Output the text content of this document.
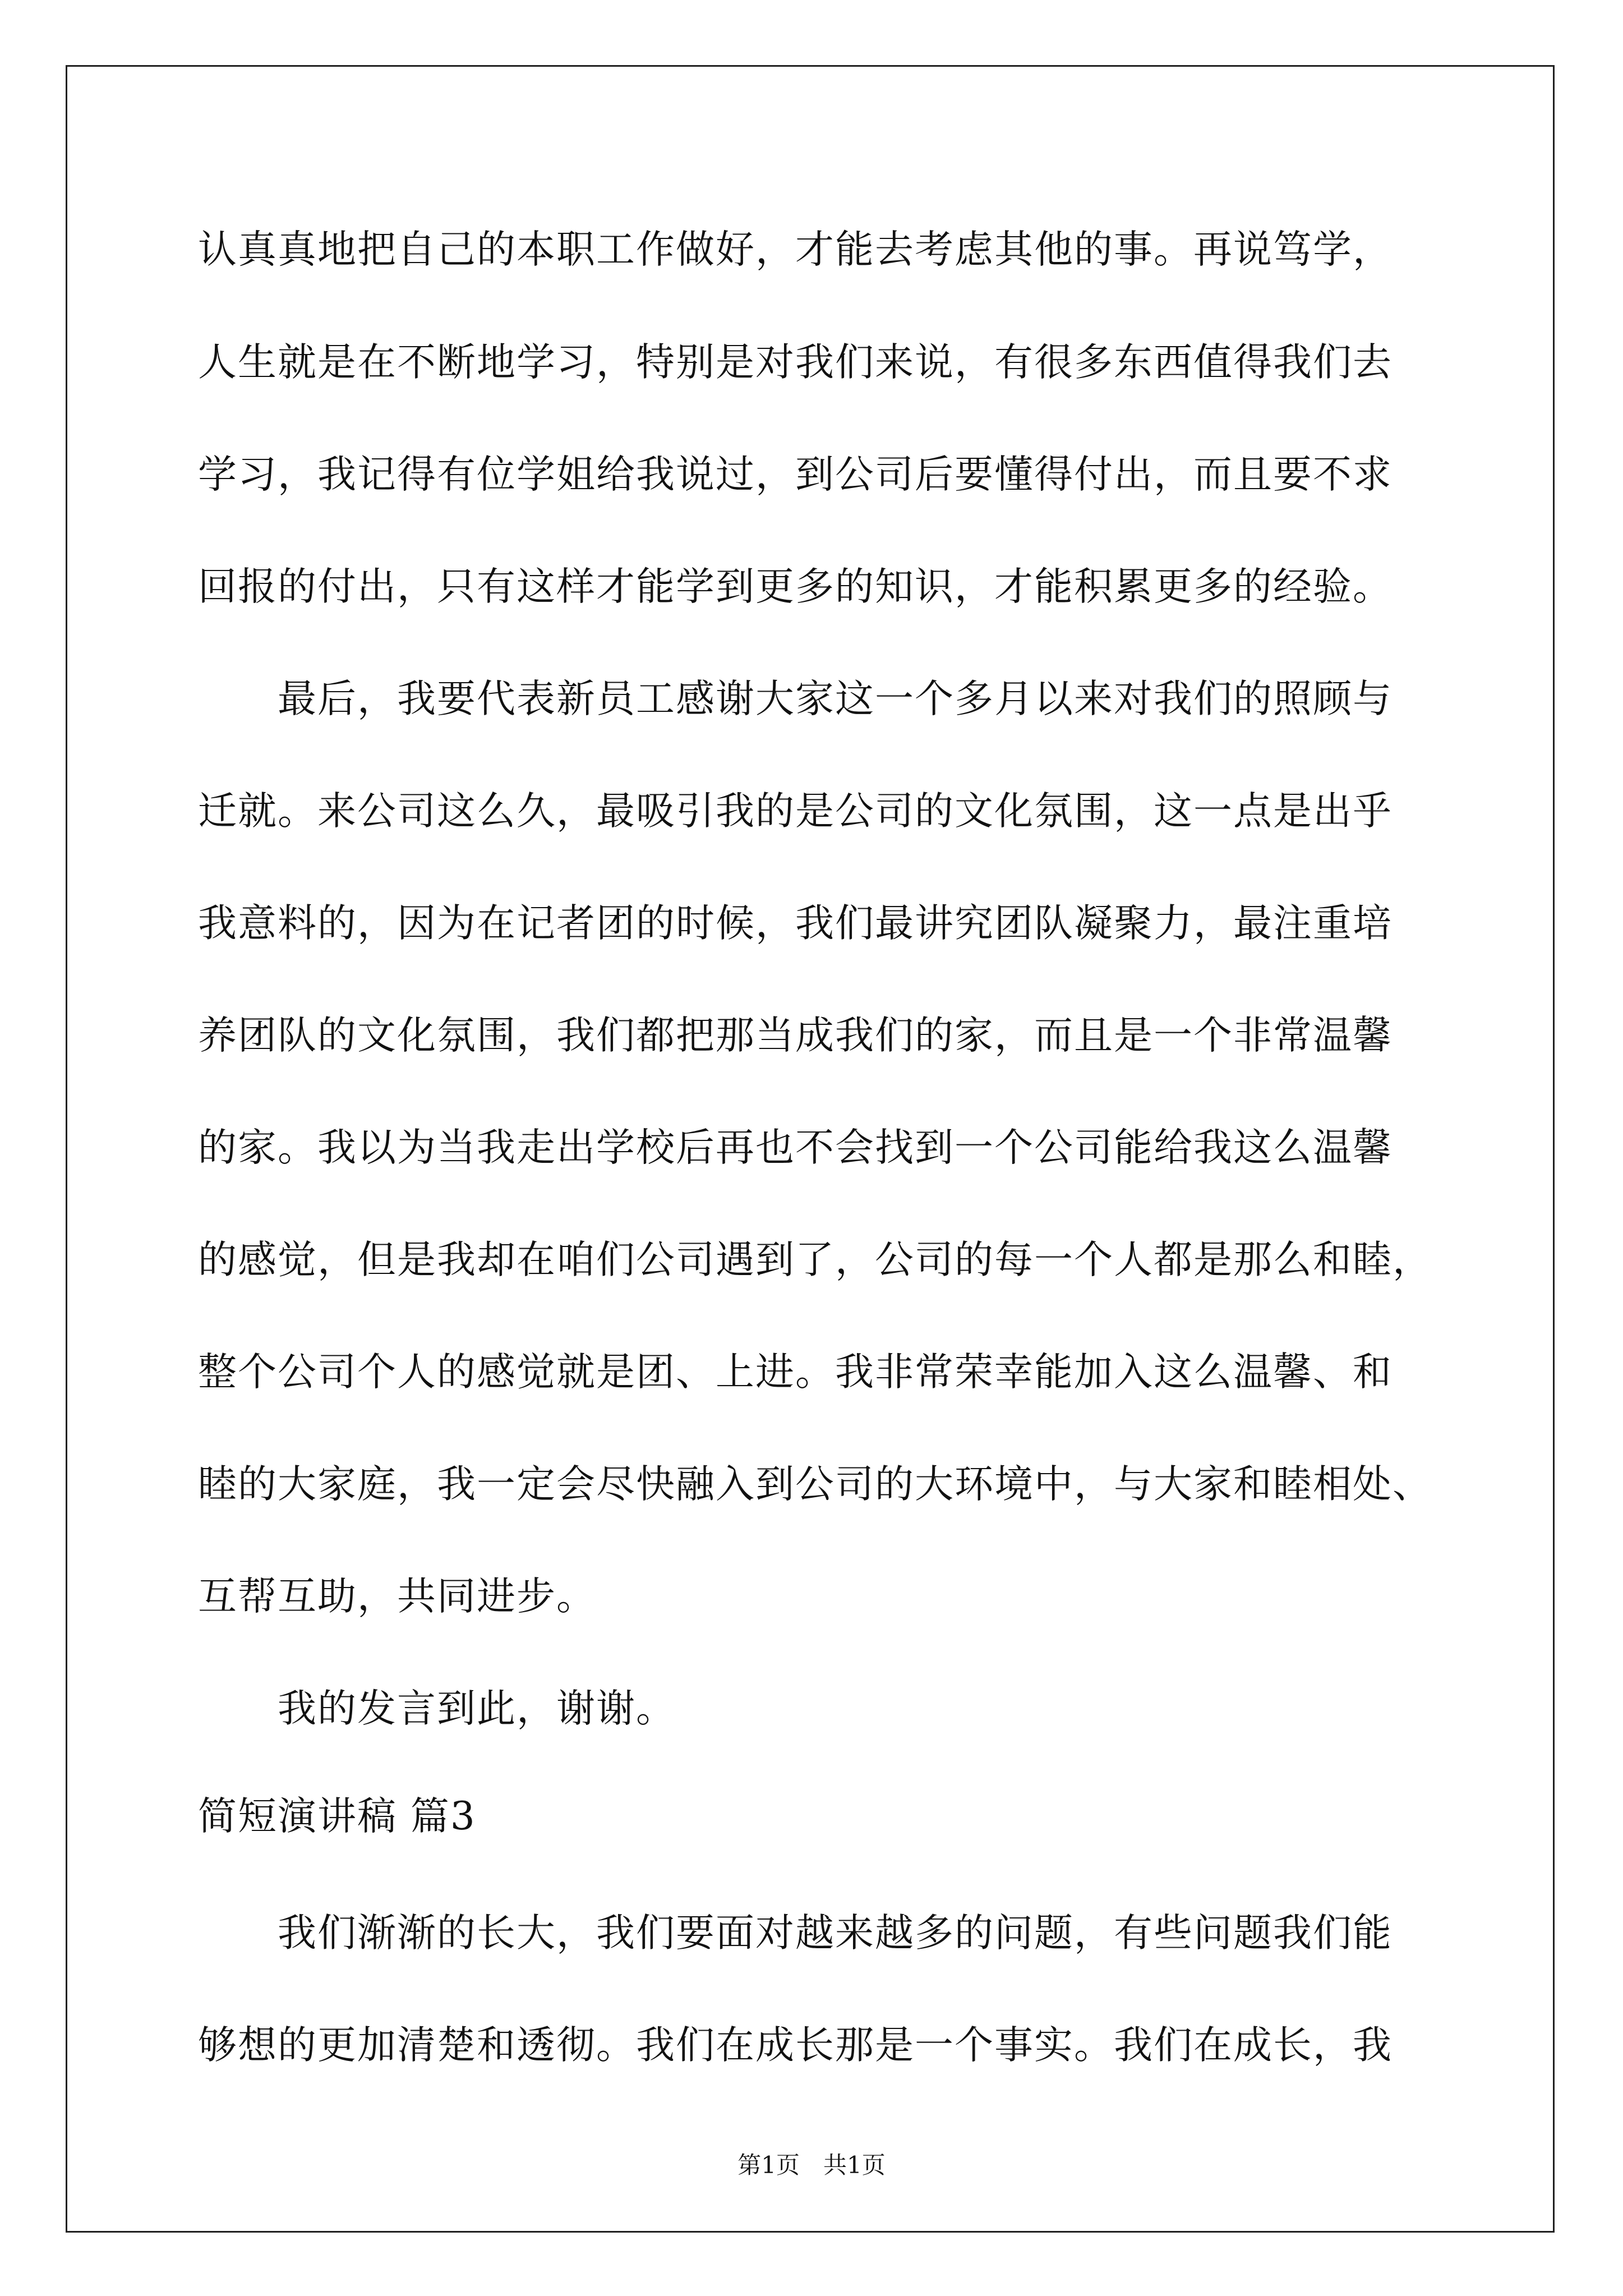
认真真地把自己的本职工作做好，才能去考虑其他的事。再说笃学，
人生就是在不断地学习，特别是对我们来说，有很多东西值得我们去
学习，我记得有位学姐给我说过，到公司后要懂得付出，而且要不求
回报的付出，只有这样才能学到更多的知识，才能积累更多的经验。
　　最后，我要代表新员工感谢大家这一个多月以来对我们的照顾与
迁就。来公司这么久，最吸引我的是公司的文化氛围，这一点是出乎
我意料的，因为在记者团的时候，我们最讲究团队凝聚力，最注重培
养团队的文化氛围，我们都把那当成我们的家，而且是一个非常温馨
的家。我以为当我走出学校后再也不会找到一个公司能给我这么温馨
的感觉，但是我却在咱们公司遇到了，公司的每一个人都是那么和睦，
整个公司个人的感觉就是团、上进。我非常荣幸能加入这么温馨、和
睦的大家庭，我一定会尽快融入到公司的大环境中，与大家和睦相处、
互帮互助，共同进步。
　　我的发言到此，谢谢。
简短演讲稿 篇3
　　我们渐渐的长大，我们要面对越来越多的问题，有些问题我们能
够想的更加清楚和透彻。我们在成长那是一个事实。我们在成长，我
第1页　共1页
